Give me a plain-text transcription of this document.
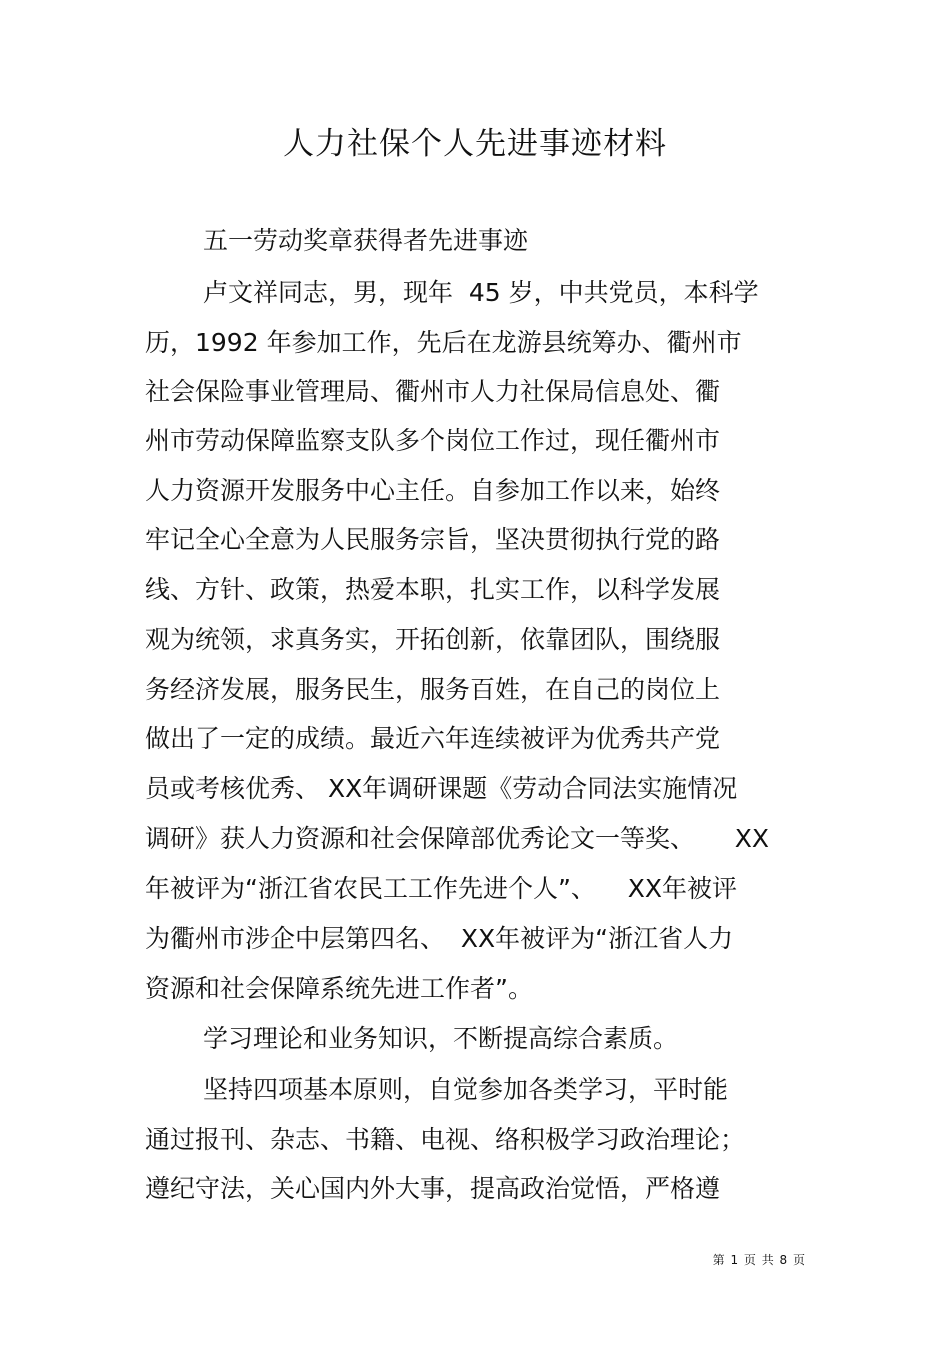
人力社保个人先进事迹材料

五一劳动奖章获得者先进事迹

卢文祥同志，男，现年  45 岁，中共党员，本科学

历，1992 年参加工作，先后在龙游县统筹办、衢州市

社会保险事业管理局、衢州市人力社保局信息处、衢

州市劳动保障监察支队多个岗位工作过，现任衢州市

人力资源开发服务中心主任。自参加工作以来，始终

牢记全心全意为人民服务宗旨，坚决贯彻执行党的路

线、方针、政策，热爱本职，扎实工作，以科学发展

观为统领，求真务实，开拓创新，依靠团队，围绕服

务经济发展，服务民生，服务百姓，在自己的岗位上

做出了一定的成绩。最近六年连续被评为优秀共产党

员或考核优秀、 XX年调研课题《劳动合同法实施情况

调研》获人力资源和社会保障部优秀论文一等奖、     XX

年被评为“浙江省农民工工作先进个人”、    XX年被评

为衢州市涉企中层第四名、  XX年被评为“浙江省人力

资源和社会保障系统先进工作者”。

学习理论和业务知识，不断提高综合素质。

坚持四项基本原则，自觉参加各类学习，平时能

通过报刊、杂志、书籍、电视、络积极学习政治理论；

遵纪守法，关心国内外大事，提高政治觉悟，严格遵

第 1 页 共 8 页
